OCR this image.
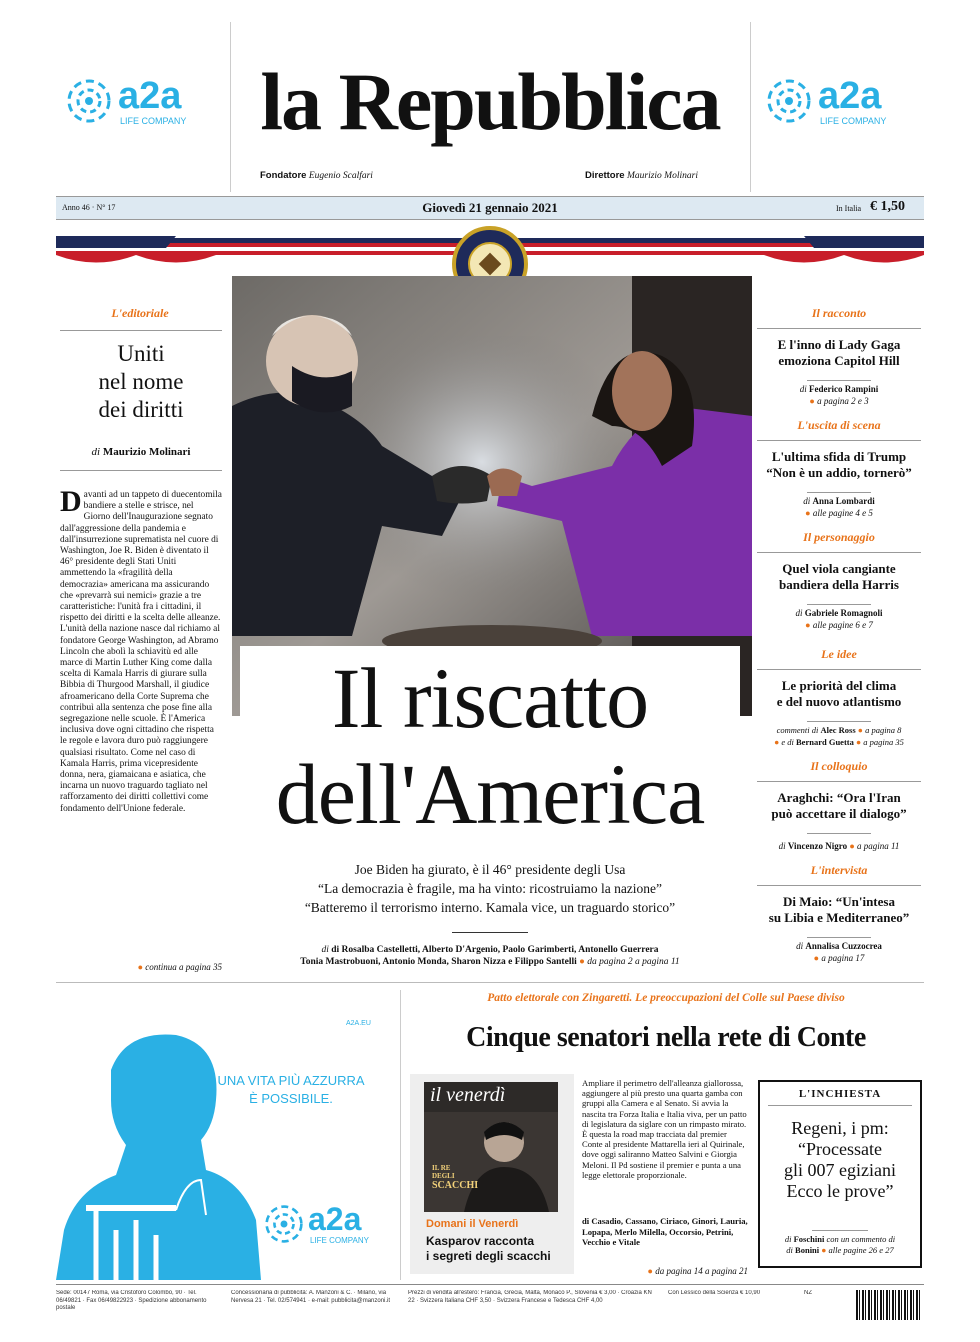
a2a
LIFE COMPANY la Repubblica	a2a
LIFE COMPANY
Fondatore Eugenio Scalfari	Direttore Maurizio Molinari
Anno 46 · N° 17	Giovedì 21 gennaio 2021	In Italia € 1,50
L'editoriale
Uniti
nel nome
dei diritti
di Maurizio Molinari
Davanti ad un tappeto di duecentomila bandiere a stelle e strisce, nel Giorno dell'Inaugurazione segnato dall'aggressione della pandemia e dall'insurrezione suprematista nel cuore di Washington, Joe R. Biden è diventato il 46° presidente degli Stati Uniti ammettendo la «fragilità della democrazia» americana ma assicurando che «prevarrà sui nemici» grazie a tre caratteristiche: l'unità fra i cittadini, il rispetto dei diritti e la scelta delle alleanze. L'unità della nazione nasce dal richiamo al fondatore George Washington, ad Abramo Lincoln che abolì la schiavitù ed alle marce di Martin Luther King come dalla scelta di Kamala Harris di giurare sulla Bibbia di Thurgood Marshall, il giudice afroamericano della Corte Suprema che contribuì alla sentenza che pose fine alla segregazione nelle scuole. È l'America inclusiva dove ogni cittadino che rispetta le regole e lavora duro può raggiungere qualsiasi risultato. Come nel caso di Kamala Harris, prima vicepresidente donna, nera, giamaicana e asiatica, che incarna un nuovo traguardo tagliato nel rafforzamento dei diritti collettivi come fondamento dell'Unione federale.
● continua a pagina 35
Il riscatto
dell'America
Joe Biden ha giurato, è il 46° presidente degli Usa
“La democrazia è fragile, ma ha vinto: ricostruiamo la nazione”
“Batteremo il terrorismo interno. Kamala vice, un traguardo storico”
di di Rosalba Castelletti, Alberto D'Argenio, Paolo Garimberti, Antonello Guerrera
Tonia Mastrobuoni, Antonio Monda, Sharon Nizza e Filippo Santelli ● da pagina 2 a pagina 11
Il racconto
E l'inno di Lady Gaga
emoziona Capitol Hill
di Federico Rampini
● a pagina 2 e 3
L'uscita di scena
L'ultima sfida di Trump
“Non è un addio, tornerò”
di Anna Lombardi
● alle pagine 4 e 5
Il personaggio
Quel viola cangiante
bandiera della Harris
di Gabriele Romagnoli
● alle pagine 6 e 7
Le idee
Le priorità del clima
e del nuovo atlantismo
commenti di Alec Ross ● a pagina 8
● e di Bernard Guetta ● a pagina 35
Il colloquio
Araghchi: “Ora l'Iran
può accettare il dialogo”
di Vincenzo Nigro ● a pagina 11
L'intervista
Di Maio: “Un'intesa
su Libia e Mediterraneo”
di Annalisa Cuzzocrea
● a pagina 17
A2A.EU
UNA VITA PIÙ AZZURRA
È POSSIBILE.
a2a
LIFE COMPANY
Patto elettorale con Zingaretti. Le preoccupazioni del Colle sul Paese diviso
Cinque senatori nella rete di Conte
il venerdì
IL RE
DEGLI
SCACCHI
Domani il Venerdì
Kasparov racconta
i segreti degli scacchi
Ampliare il perimetro dell'alleanza giallorossa, aggiungere al più presto una quarta gamba con gruppi alla Camera e al Senato. Si avvia la nascita tra Forza Italia e Italia viva, per un patto di legislatura da siglare con un rimpasto mirato. È questa la road map tracciata dal premier Conte al presidente Mattarella ieri al Quirinale, dove oggi saliranno Matteo Salvini e Giorgia Meloni. Il Pd sostiene il premier e punta a una legge elettorale proporzionale.
di Casadio, Cassano, Ciriaco, Ginori, Lauria, Lopapa, Merlo Milella, Occorsio, Petrini, Vecchio e Vitale
● da pagina 14 a pagina 21
L'INCHIESTA
Regeni, i pm:
“Processate
gli 007 egiziani
Ecco le prove”
di Foschini con un commento di
di Bonini ● alle pagine 26 e 27
Sede: 00147 Roma, via Cristoforo Colombo, 90 · Tel. 06/49821 · Fax 06/49822923 · Spedizione abbonamento postale
Concessionaria di pubblicità: A. Manzoni & C. · Milano, via Nervesa 21 · Tel. 02/574941 · e-mail: pubblicita@manzoni.it
Prezzi di vendita all'estero: Francia, Grecia, Malta, Monaco P., Slovenia € 3,00 · Croazia KN 22 · Svizzera Italiana CHF 3,50 · Svizzera Francese e Tedesca CHF 4,00
Con Lessico della Scienza € 10,90	NZ
